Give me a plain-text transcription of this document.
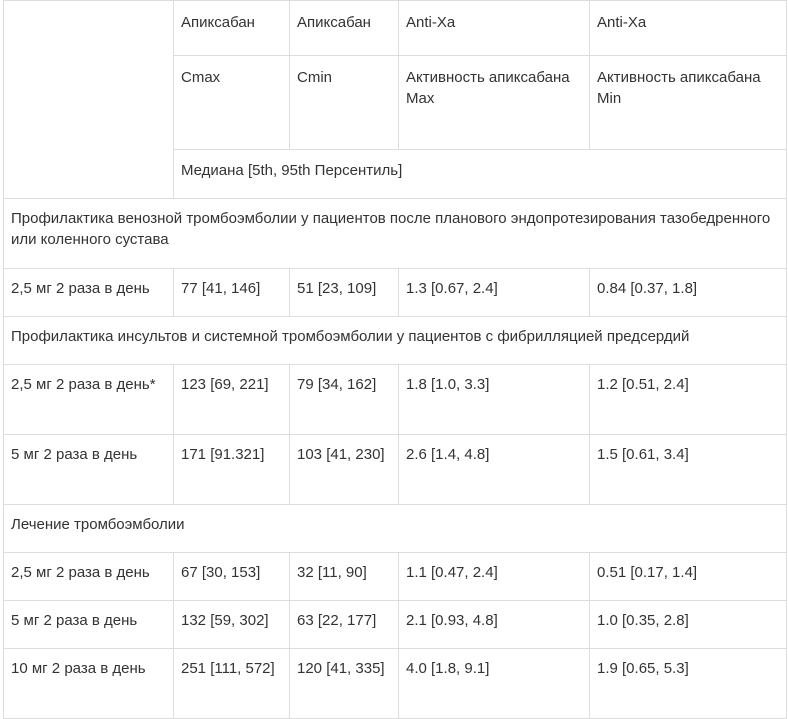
	Апиксабан	Апиксабан	Anti-Xa	Anti-Xa
	Cmax	Cmin	Активность апиксабана Max	Активность апиксабана Min
	Медиана [5th, 95th Персентиль]			
Профилактика венозной тромбоэмболии у пациентов после планового эндопротезирования тазобедренного или коленного сустава				
2,5 мг 2 раза в день	77 [41, 146]	51 [23, 109]	1.3 [0.67, 2.4]	0.84 [0.37, 1.8]
Профилактика инсультов и системной тромбоэмболии у пациентов с фибрилляцией предсердий				
2,5 мг 2 раза в день*	123 [69, 221]	79 [34, 162]	1.8 [1.0, 3.3]	1.2 [0.51, 2.4]
5 мг 2 раза в день	171 [91.321]	103 [41, 230]	2.6 [1.4, 4.8]	1.5 [0.61, 3.4]
Лечение тромбоэмболии				
2,5 мг 2 раза в день	67 [30, 153]	32 [11, 90]	1.1 [0.47, 2.4]	0.51 [0.17, 1.4]
5 мг 2 раза в день	132 [59, 302]	63 [22, 177]	2.1 [0.93, 4.8]	1.0 [0.35, 2.8]
10 мг 2 раза в день	251 [111, 572]	120 [41, 335]	4.0 [1.8, 9.1]	1.9 [0.65, 5.3]
